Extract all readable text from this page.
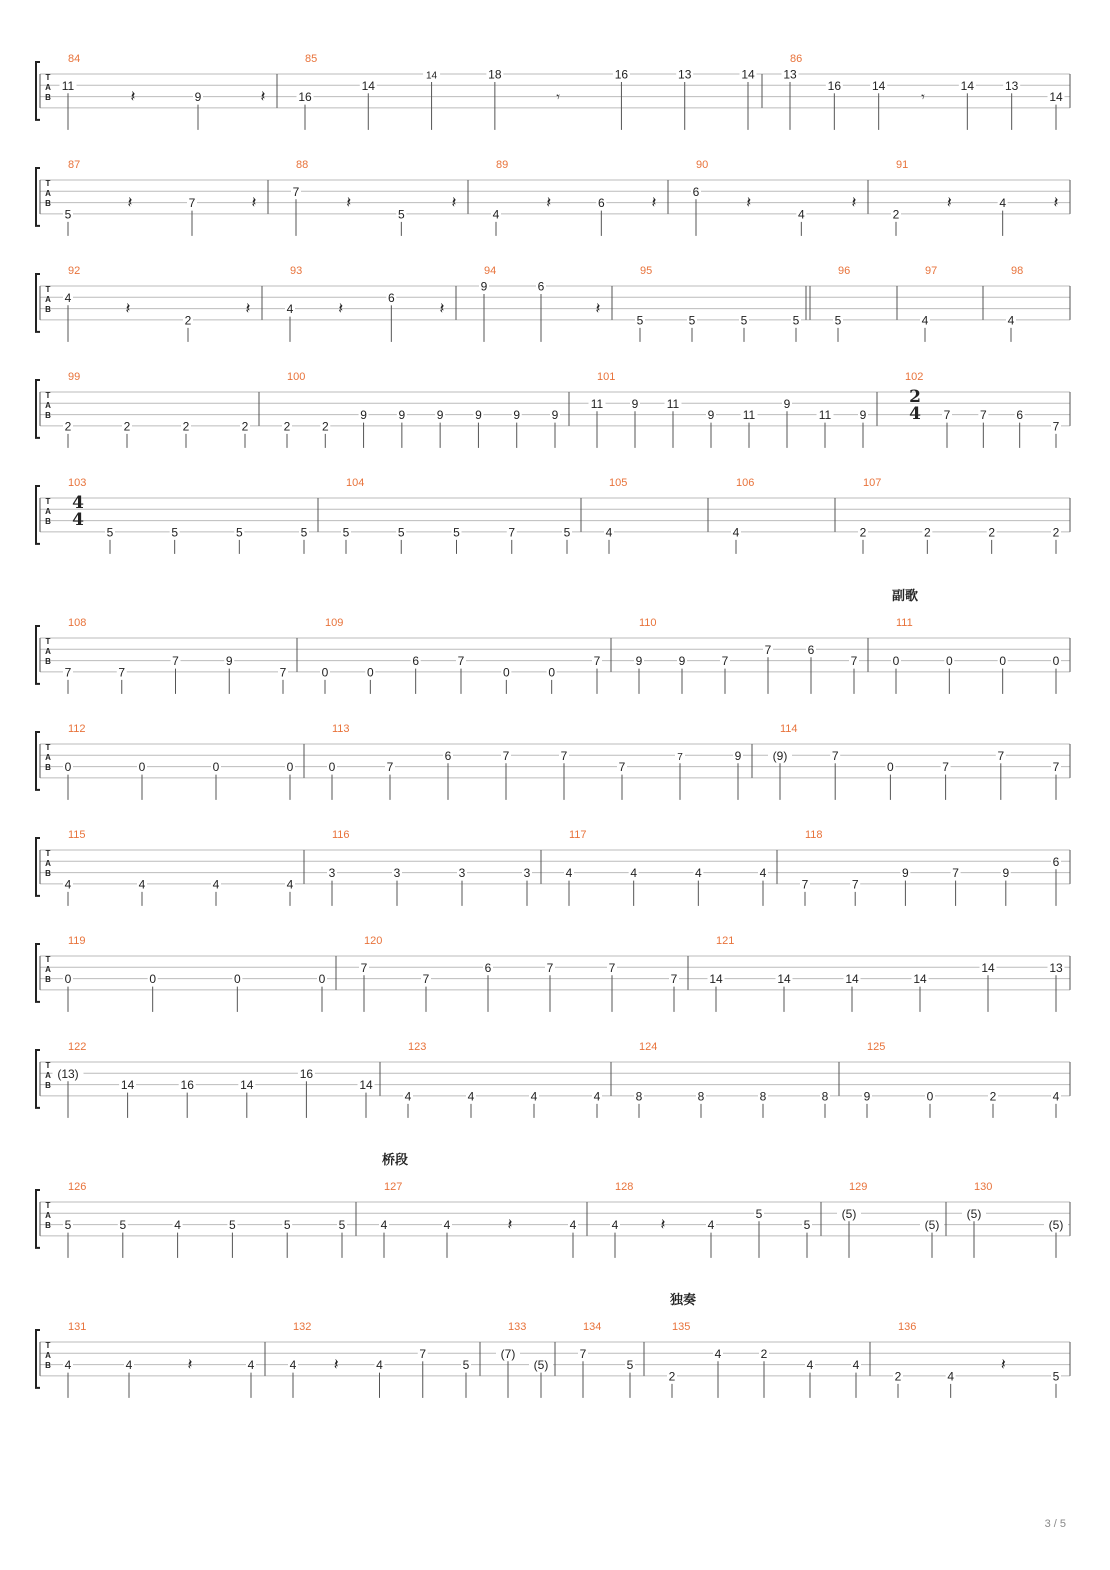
T
A
B
84
11
𝄽	9	𝄽
85
16
14
14	18
𝄾
16	13	14
86
13
16	14
𝄾
14	13
14
T
A
B
87
5
𝄽	7	𝄽
88
7
𝄽
5
𝄽
89
4
𝄽	6	𝄽
90
6
𝄽
4
𝄽
91
2
𝄽	4	𝄽
T
A
B
92
4
𝄽
2
𝄽
93
4	𝄽
6
𝄽
94
9	6
𝄽
95
5	5	5	5
96
5
97
4
98
4
T
A
B
99
2	2	2	2
100
2	2
9	9	9	9	9	9
101
11 9 11
9 11
9
11 9
102
2
4 7 7 6
7
T
A
B
103
4
4
5	5	5	5
104
5	5	5	7	5
105
4
106
4
107
2	2	2	2
T
A
B
副歌
108
7	7
7	9
7
109
0	0
6	7
0	0
7
110
9	9	7
7	6
7
111
0	0	0	0
T
A
B
112
0	0	0	0
113
0	7
6	7	7
7
7	9
114
(9)	7
0	7
7
7
T
A
B
115
4	4	4	4
116
3	3	3	3
117
4	4	4	4
118
7	7
9	7	9
6
T
A
B
119
0	0	0	0
120
7
7
6	7	7
7
121
14	14	14	14
14	13
T
A
B
122
(13)
14	16	14
16
14
123
4	4	4	4
124
8	8	8	8
125
9	0	2	4
T
A
B
桥段
126
5	5	4	5	5	5
127
4	4	𝄽	4
128
4	𝄽	4
5
5
129
(5)
(5)
130
(5)
(5)
T
A
B
独奏
131
4	4	𝄽	4
132
4 𝄽	4
7
5
133
(7)
(5)
134
7
5
135
2
4	2
4	4
136
2	4
𝄽
5
3 / 5
